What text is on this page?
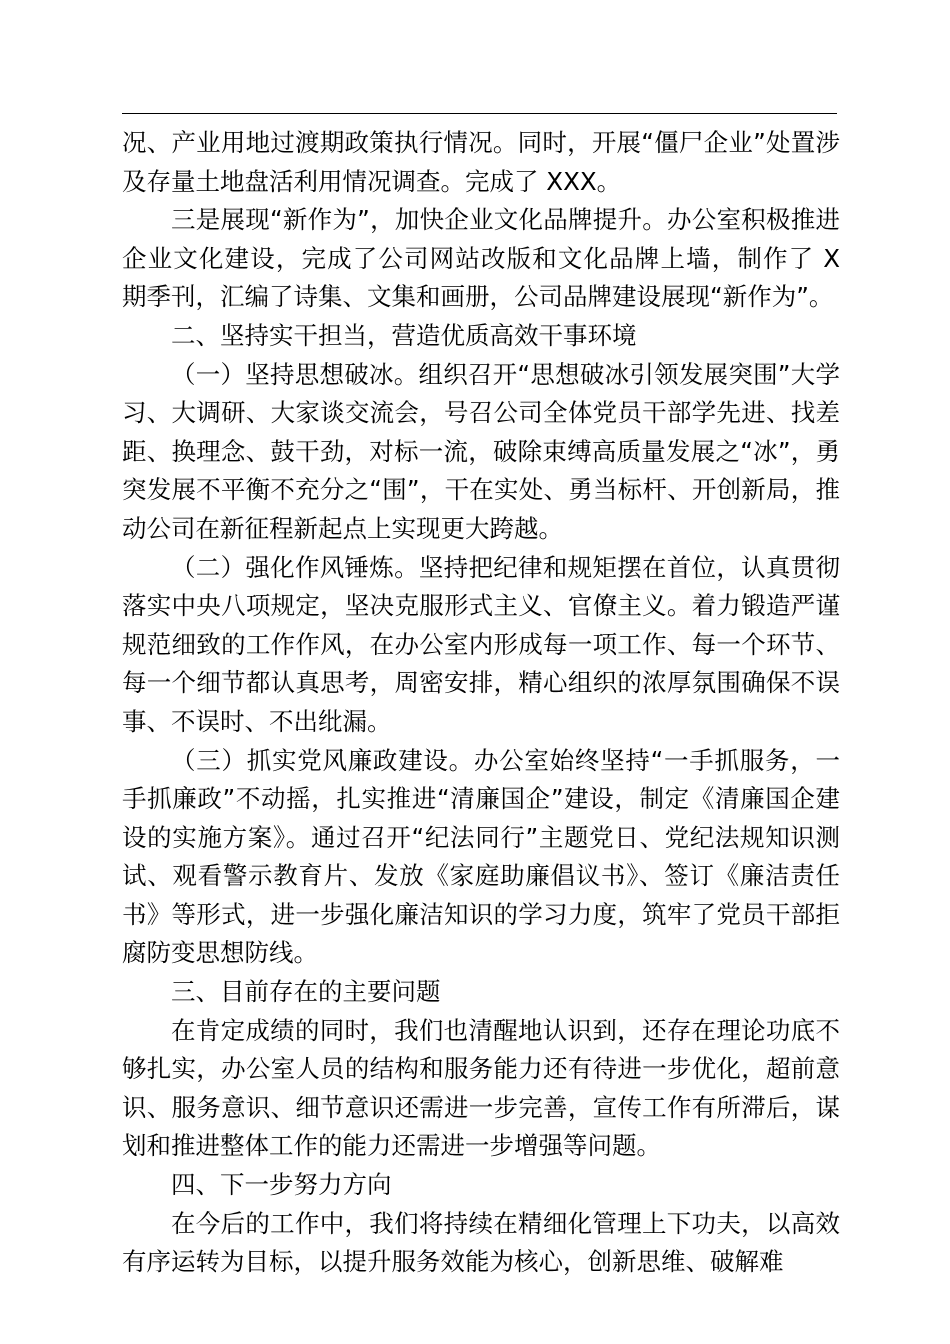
况、产业用地过渡期政策执行情况。同时，开展“僵尸企业”处置涉及存量土地盘活利用情况调查。完成了 XXX。

三是展现“新作为”，加快企业文化品牌提升。办公室积极推进企业文化建设，完成了公司网站改版和文化品牌上墙，制作了 X 期季刊，汇编了诗集、文集和画册，公司品牌建设展现“新作为”。

二、坚持实干担当，营造优质高效干事环境

（一）坚持思想破冰。组织召开“思想破冰引领发展突围”大学习、大调研、大家谈交流会，号召公司全体党员干部学先进、找差距、换理念、鼓干劲，对标一流，破除束缚高质量发展之“冰”，勇突发展不平衡不充分之“围”，干在实处、勇当标杆、开创新局，推动公司在新征程新起点上实现更大跨越。

（二）强化作风锤炼。坚持把纪律和规矩摆在首位，认真贯彻落实中央八项规定，坚决克服形式主义、官僚主义。着力锻造严谨规范细致的工作作风，在办公室内形成每一项工作、每一个环节、每一个细节都认真思考，周密安排，精心组织的浓厚氛围确保不误事、不误时、不出纰漏。

（三）抓实党风廉政建设。办公室始终坚持“一手抓服务，一手抓廉政”不动摇，扎实推进“清廉国企”建设，制定《清廉国企建设的实施方案》。通过召开“纪法同行”主题党日、党纪法规知识测试、观看警示教育片、发放《家庭助廉倡议书》、签订《廉洁责任书》等形式，进一步强化廉洁知识的学习力度，筑牢了党员干部拒腐防变思想防线。

三、目前存在的主要问题

在肯定成绩的同时，我们也清醒地认识到，还存在理论功底不够扎实，办公室人员的结构和服务能力还有待进一步优化，超前意识、服务意识、细节意识还需进一步完善，宣传工作有所滞后，谋划和推进整体工作的能力还需进一步增强等问题。

四、下一步努力方向

在今后的工作中，我们将持续在精细化管理上下功夫，以高效有序运转为目标，以提升服务效能为核心，创新思维、破解难
